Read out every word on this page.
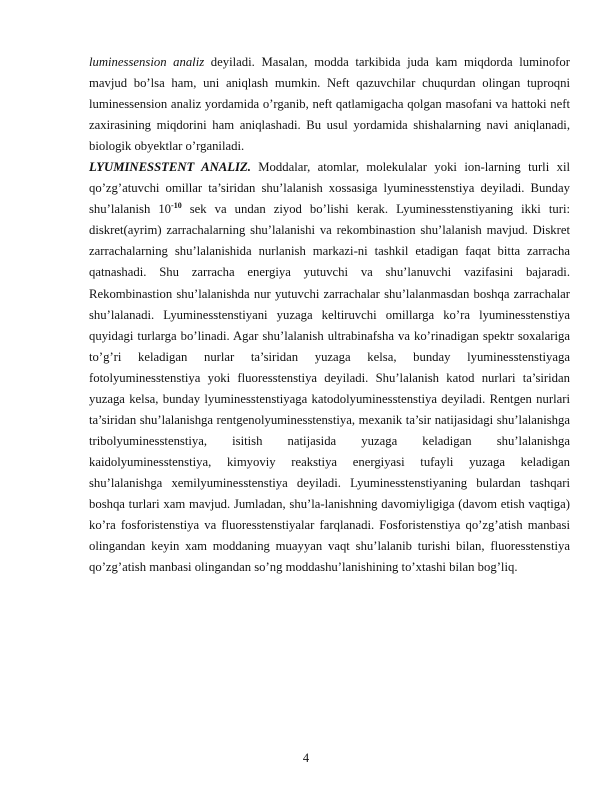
luminessension analiz deyiladi. Masalan, modda tarkibida juda kam miqdorda luminofor mavjud bo’lsa ham, uni aniqlash mumkin. Neft qazuvchilar chuqurdan olingan tuproqni luminessension analiz yordamida o’rganib, neft qatlamigacha qolgan masofani va hattoki neft zaxirasining miqdorini ham aniqlashadi. Bu usul yordamida shishalarning navi aniqlanadi, biologik obyektlar o’rganiladi.

LYUMINESSTENT ANALIZ. Moddalar, atomlar, molekulalar yoki ion-larning turli xil qo’zg’atuvchi omillar ta’siridan shu’lalanish xossasiga lyuminesstenstiya deyiladi. Bunday shu’lalanish $10^{-10}$ sek va undan ziyod bo’lishi kerak. Lyuminesstenstiyaning ikki turi: diskret(ayrim) zarrachalarning shu’lalanishi va rekombinastion shu’lalanish mavjud. Diskret zarrachalarning shu’lalanishida nurlanish markazi-ni tashkil etadigan faqat bitta zarracha qatnashadi. Shu zarracha energiya yutuvchi va shu’lanuvchi vazifasini bajaradi. Rekombinastion shu’lalanishda nur yutuvchi zarrachalar shu’lalanmasdan boshqa zarrachalar shu’lalanadi. Lyuminesstenstiyani yuzaga keltiruvchi omillarga ko’ra lyuminesstenstiya quyidagi turlarga bo’linadi. Agar shu’lalanish ultrabinafsha va ko’rinadigan spektr soxalariga to’g’ri keladigan nurlar ta’siridan yuzaga kelsa, bunday lyuminesstenstiyaga fotolyuminesstenstiya yoki fluoresstenstiya deyiladi. Shu’lalanish katod nurlari ta’siridan yuzaga kelsa, bunday lyuminesstenstiyaga katodolyuminesstenstiya deyiladi. Rentgen nurlari ta’siridan shu’lalanishga rentgenolyuminesstenstiya, mexanik ta’sir natijasidagi shu’lalanishga tribolyuminesstenstiya, isitish natijasida yuzaga keladigan shu’lalanishga kaidolyuminesstenstiya, kimyoviy reakstiya energiyasi tufayli yuzaga keladigan shu’lalanishga xemilyuminesstenstiya deyiladi. Lyuminesstenstiyaning bulardan tashqari boshqa turlari xam mavjud. Jumladan, shu’la-lanishning davomiyligiga (davom etish vaqtiga) ko’ra fosforistenstiya va fluoresstenstiyalar farqlanadi. Fosforistenstiya qo’zg’atish manbasi olingandan keyin xam moddaning muayyan vaqt shu’lalanib turishi bilan, fluoresstenstiya qo’zg’atish manbasi olingandan so’ng moddashu’lanishining to’xtashi bilan bog’liq.

4
